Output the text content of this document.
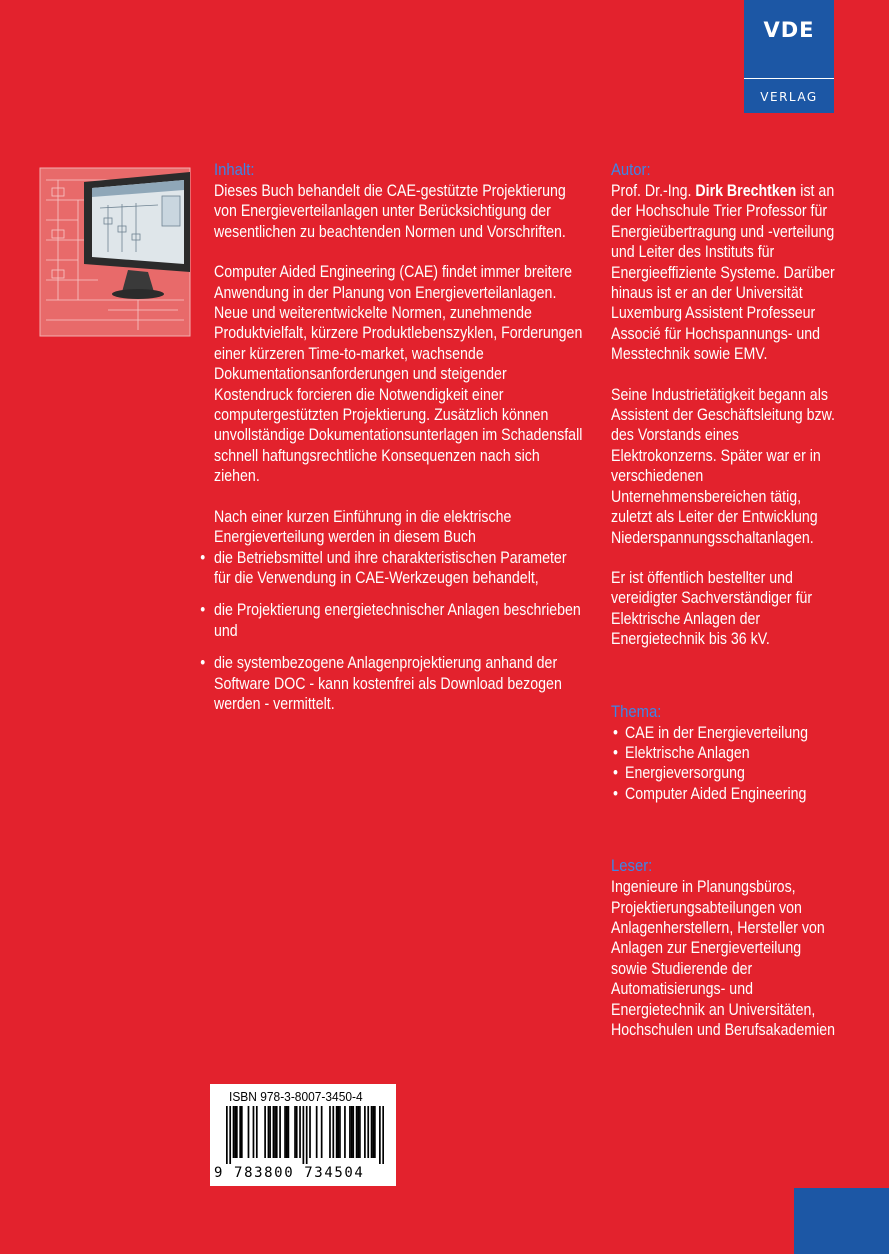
VDE
VERLAG
Inhalt:

Dieses Buch behandelt die CAE-gestützte Projektierung von Energieverteilanlagen unter Berücksichtigung der wesentlichen zu beachtenden Normen und Vorschriften.

Computer Aided Engineering (CAE) findet immer breitere Anwendung in der Planung von Energieverteilanlagen. Neue und weiterentwickelte Normen, zunehmende Produktvielfalt, kürzere Produktlebenszyklen, Forderungen einer kürzeren Time-to-market, wachsende Dokumentationsanforderungen und steigender Kostendruck forcieren die Notwendigkeit einer computergestützten Projektierung. Zusätzlich können unvollständige Dokumentationsunterlagen im Schadensfall schnell haftungsrechtliche Konsequenzen nach sich ziehen.

Nach einer kurzen Einführung in die elektrische Energieverteilung werden in diesem Buch

• die Betriebsmittel und ihre charakteristischen Parameter für die Verwendung in CAE-Werkzeugen behandelt,
• die Projektierung energietechnischer Anlagen beschrieben und
• die systembezogene Anlagenprojektierung anhand der Software DOC - kann kostenfrei als Download bezogen werden - vermittelt.
Autor:

Prof. Dr.-Ing. Dirk Brechtken ist an der Hochschule Trier Professor für Energieübertragung und -verteilung und Leiter des Instituts für Energieeffiziente Systeme. Darüber hinaus ist er an der Universität Luxemburg Assistent Professeur Associé für Hochspannungs- und Messtechnik sowie EMV.

Seine Industrietätigkeit begann als Assistent der Geschäftsleitung bzw. des Vorstands eines Elektrokonzerns. Später war er in verschiedenen Unternehmensbereichen tätig, zuletzt als Leiter der Entwicklung Niederspannungsschaltanlagen.

Er ist öffentlich bestellter und vereidigter Sachverständiger für Elektrische Anlagen der Energietechnik bis 36 kV.

Thema:
• CAE in der Energieverteilung
• Elektrische Anlagen
• Energieversorgung
• Computer Aided Engineering
Leser:

Ingenieure in Planungsbüros, Projektierungsabteilungen von Anlagenherstellern, Hersteller von Anlagen zur Energieverteilung sowie Studierende der Automatisierungs- und Energietechnik an Universitäten, Hochschulen und Berufsakademien

ISBN 978-3-8007-3450-4
9 783800 734504
